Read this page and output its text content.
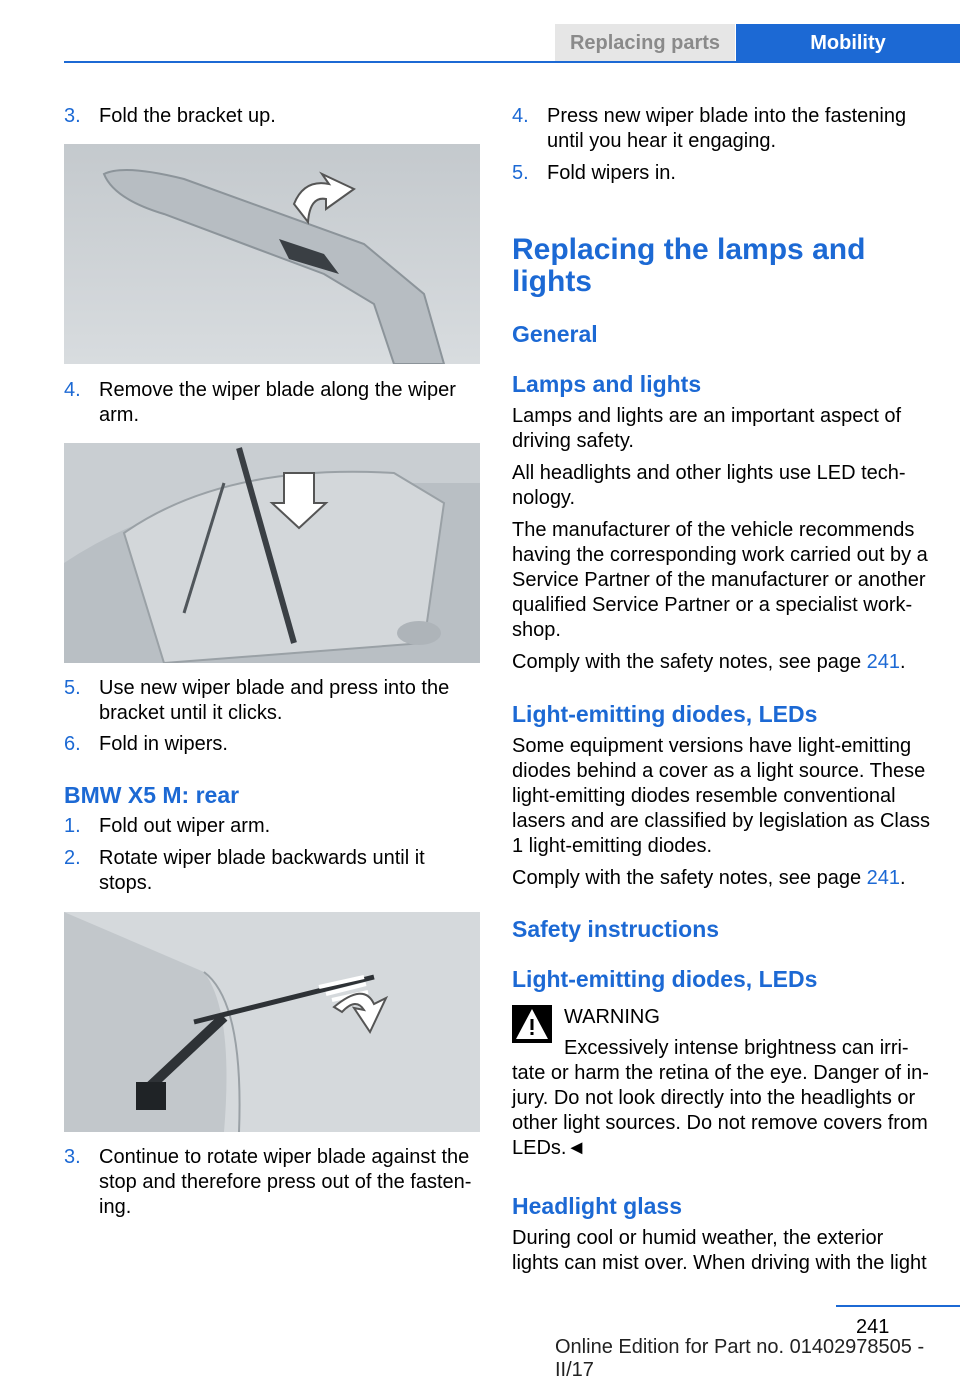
Replacing parts	Mobility
3. Fold the bracket up.
4. Remove the wiper blade along the wiper arm.
5. Use new wiper blade and press into the bracket until it clicks.
6. Fold in wipers.
BMW X5 M: rear
1. Fold out wiper arm.
2. Rotate wiper blade backwards until it stops.
3. Continue to rotate wiper blade against the stop and therefore press out of the fasten‐ing.
4. Press new wiper blade into the fastening until you hear it engaging.
5. Fold wipers in.
Replacing the lamps and lights
General
Lamps and lights
Lamps and lights are an important aspect of driving safety.
All headlights and other lights use LED tech‐nology.
The manufacturer of the vehicle recommends having the corresponding work carried out by a Service Partner of the manufacturer or another qualified Service Partner or a specialist work‐shop.
Comply with the safety notes, see page 241.
Light-emitting diodes, LEDs
Some equipment versions have light-emitting diodes behind a cover as a light source. These light-emitting diodes resemble conventional lasers and are classified by legislation as Class 1 light-emitting diodes.
Comply with the safety notes, see page 241.
Safety instructions
Light-emitting diodes, LEDs
WARNING
Excessively intense brightness can irri‐tate or harm the retina of the eye. Danger of in‐jury. Do not look directly into the headlights or other light sources. Do not remove covers from LEDs.◄
Headlight glass
During cool or humid weather, the exterior lights can mist over. When driving with the light
241
Online Edition for Part no. 01402978505 - II/17
